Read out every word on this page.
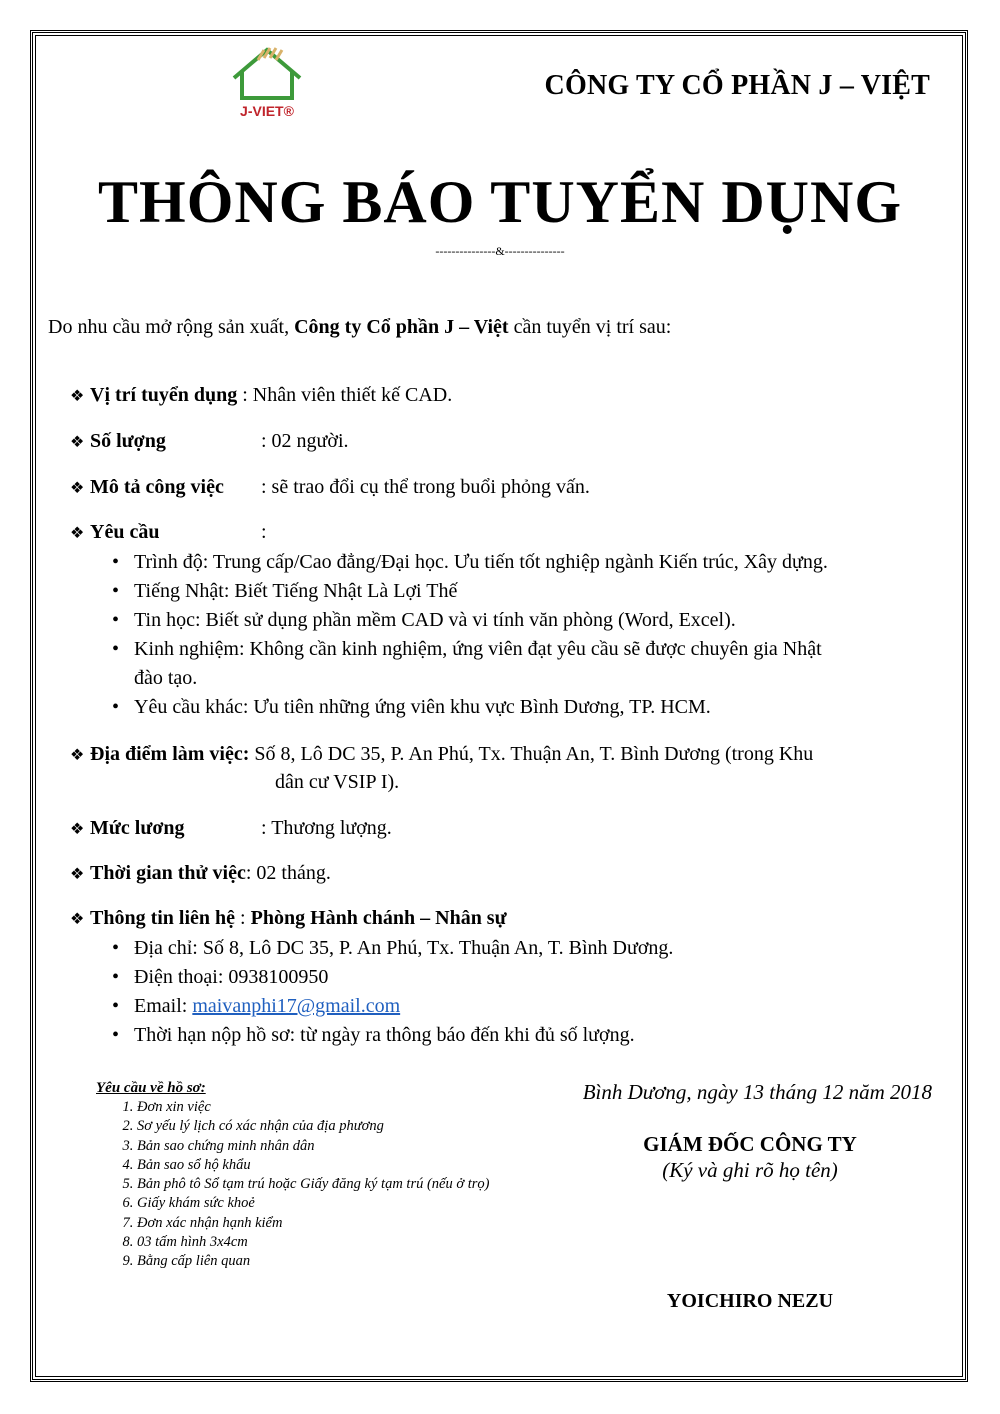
J-VIET®
CÔNG TY CỔ PHẦN J – VIỆT
THÔNG BÁO TUYỂN DỤNG
---------------&---------------
Do nhu cầu mở rộng sản xuất, Công ty Cổ phần J – Việt cần tuyển vị trí sau:
❖ Vị trí tuyển dụng : Nhân viên thiết kế CAD.
❖ Số lượng	: 02 người.
❖ Mô tả công việc : sẽ trao đổi cụ thể trong buổi phỏng vấn.
❖ Yêu cầu	:
• Trình độ: Trung cấp/Cao đẳng/Đại học. Ưu tiến tốt nghiệp ngành Kiến trúc, Xây dựng.
• Tiếng Nhật: Biết Tiếng Nhật Là Lợi Thế
• Tin học: Biết sử dụng phần mềm CAD và vi tính văn phòng (Word, Excel).
• Kinh nghiệm: Không cần kinh nghiệm, ứng viên đạt yêu cầu sẽ được chuyên gia Nhật
đào tạo.
• Yêu cầu khác: Ưu tiên những ứng viên khu vực Bình Dương, TP. HCM.
❖ Địa điểm làm việc: Số 8, Lô DC 35, P. An Phú, Tx. Thuận An, T. Bình Dương (trong Khu
dân cư VSIP I).
❖ Mức lương	: Thương lượng.
❖ Thời gian thử việc: 02 tháng.
❖ Thông tin liên hệ : Phòng Hành chánh – Nhân sự
• Địa chỉ: Số 8, Lô DC 35, P. An Phú, Tx. Thuận An, T. Bình Dương.
• Điện thoại: 0938100950
• Email: maivanphi17@gmail.com
• Thời hạn nộp hồ sơ: từ ngày ra thông báo đến khi đủ số lượng.
Yêu cầu về hồ sơ:
1. Đơn xin việc
2. Sơ yếu lý lịch có xác nhận của địa phương
3. Bản sao chứng minh nhân dân
4. Bản sao sổ hộ khẩu
5. Bản phô tô Sổ tạm trú hoặc Giấy đăng ký tạm trú (nếu ở trọ)
6. Giấy khám sức khoẻ
7. Đơn xác nhận hạnh kiểm
8. 03 tấm hình 3x4cm
9. Bằng cấp liên quan
Bình Dương, ngày 13 tháng 12 năm 2018
GIÁM ĐỐC CÔNG TY
(Ký và ghi rõ họ tên)
YOICHIRO NEZU
